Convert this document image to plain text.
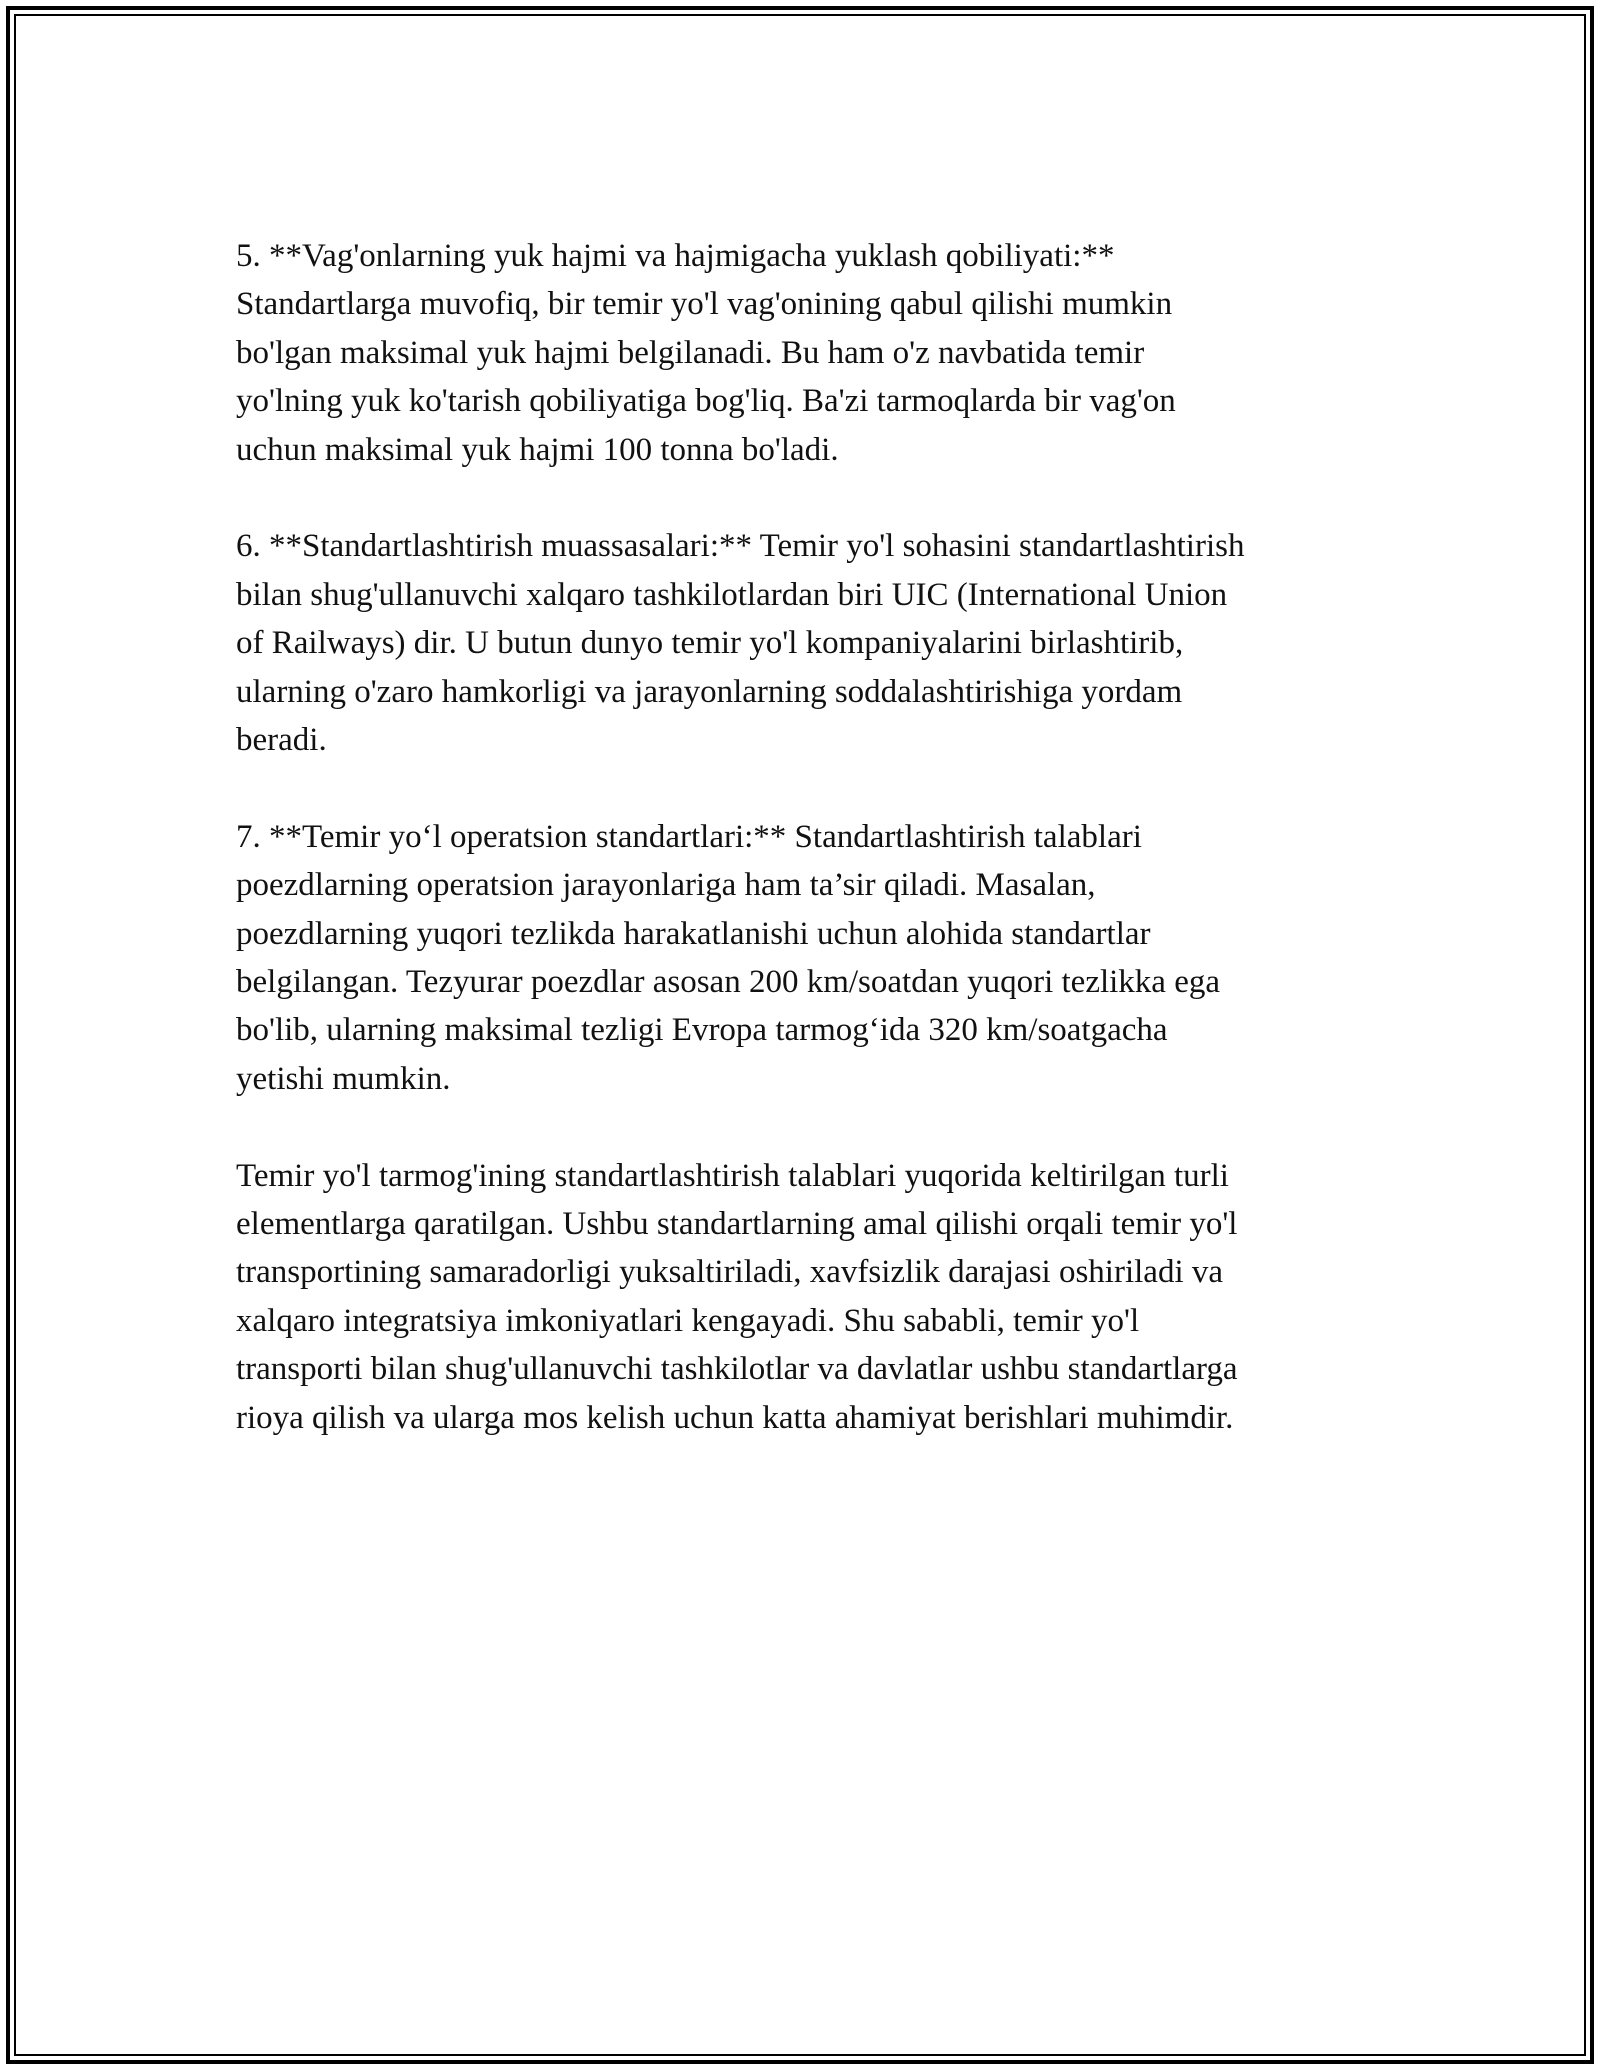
5. **Vag'onlarning yuk hajmi va hajmigacha yuklash qobiliyati:**
Standartlarga muvofiq, bir temir yo'l vag'onining qabul qilishi mumkin
bo'lgan maksimal yuk hajmi belgilanadi. Bu ham o'z navbatida temir
yo'lning yuk ko'tarish qobiliyatiga bog'liq. Ba'zi tarmoqlarda bir vag'on
uchun maksimal yuk hajmi 100 tonna bo'ladi.

6. **Standartlashtirish muassasalari:** Temir yo'l sohasini standartlashtirish
bilan shug'ullanuvchi xalqaro tashkilotlardan biri UIC (International Union
of Railways) dir. U butun dunyo temir yo'l kompaniyalarini birlashtirib,
ularning o'zaro hamkorligi va jarayonlarning soddalashtirishiga yordam
beradi.

7. **Temir yo‘l operatsion standartlari:** Standartlashtirish talablari
poezdlarning operatsion jarayonlariga ham ta’sir qiladi. Masalan,
poezdlarning yuqori tezlikda harakatlanishi uchun alohida standartlar
belgilangan. Tezyurar poezdlar asosan 200 km/soatdan yuqori tezlikka ega
bo'lib, ularning maksimal tezligi Evropa tarmog‘ida 320 km/soatgacha
yetishi mumkin.

Temir yo'l tarmog'ining standartlashtirish talablari yuqorida keltirilgan turli
elementlarga qaratilgan. Ushbu standartlarning amal qilishi orqali temir yo'l
transportining samaradorligi yuksaltiriladi, xavfsizlik darajasi oshiriladi va
xalqaro integratsiya imkoniyatlari kengayadi. Shu sababli, temir yo'l
transporti bilan shug'ullanuvchi tashkilotlar va davlatlar ushbu standartlarga
rioya qilish va ularga mos kelish uchun katta ahamiyat berishlari muhimdir.
